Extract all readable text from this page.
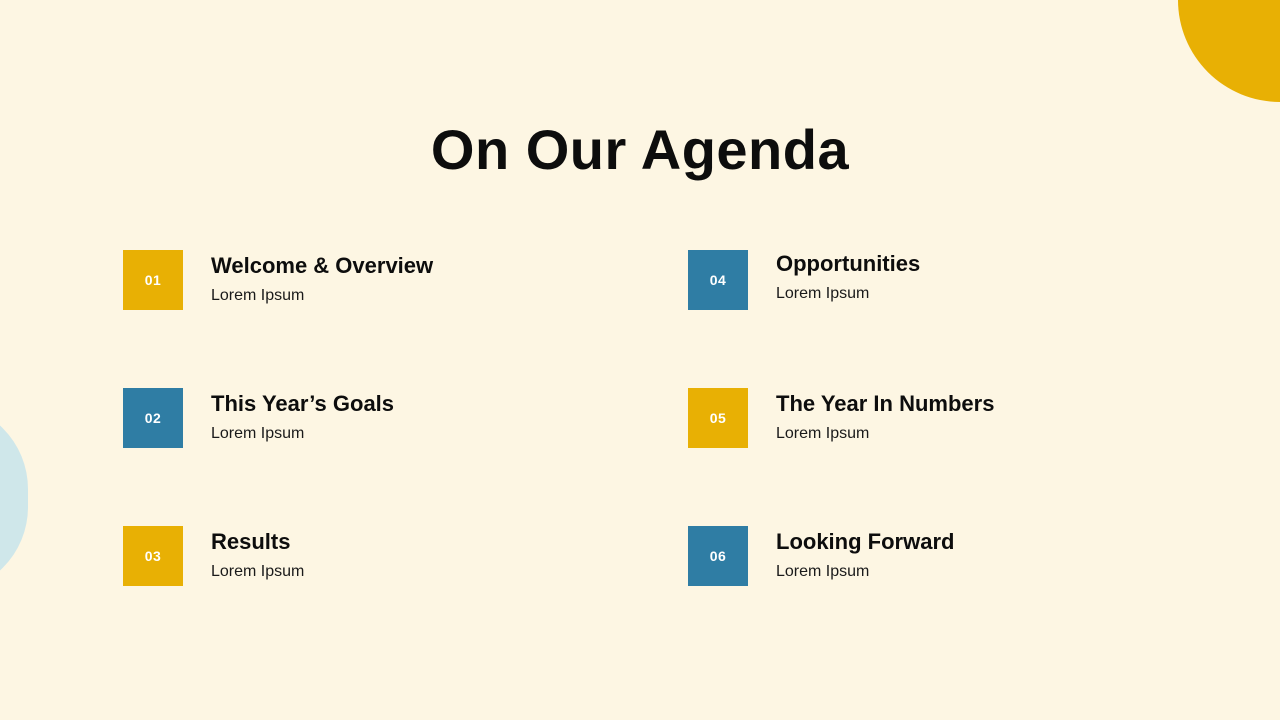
On Our Agenda
01

Welcome & Overview

Lorem Ipsum

04

Opportunities

Lorem Ipsum

02

This Year’s Goals

Lorem Ipsum

05

The Year In Numbers

Lorem Ipsum

03

Results

Lorem Ipsum

06

Looking Forward

Lorem Ipsum
